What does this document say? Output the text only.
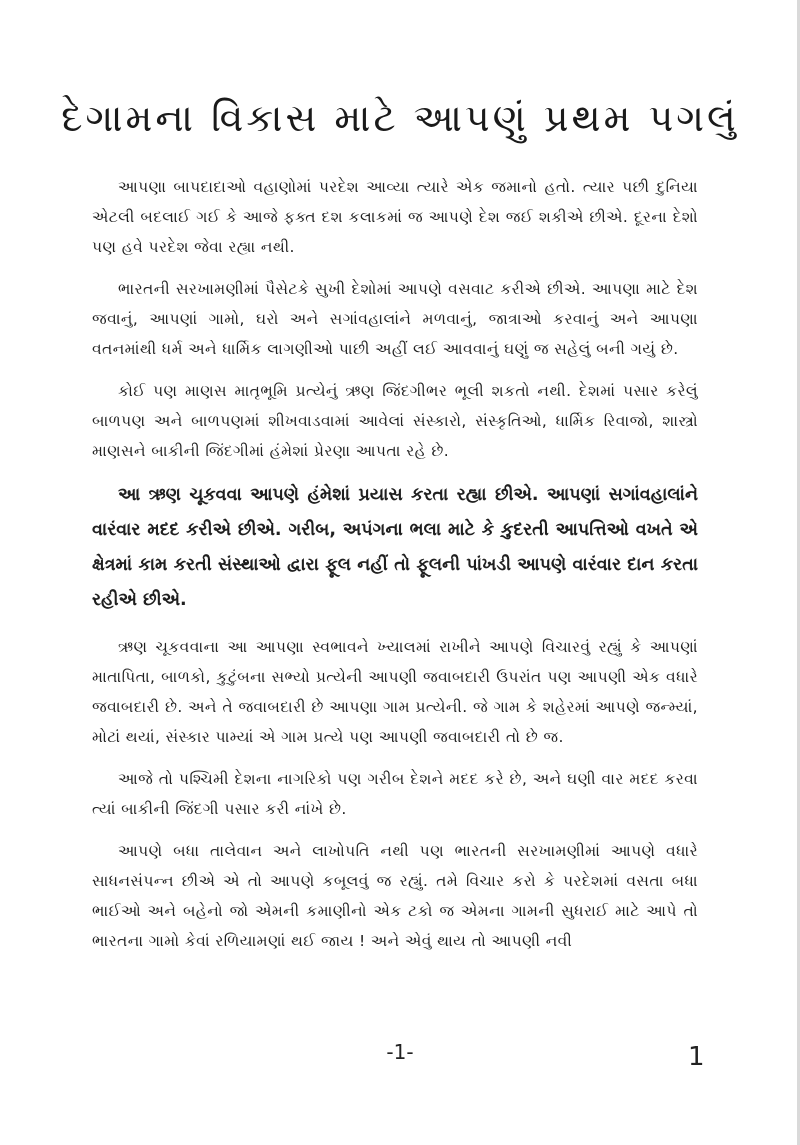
દેગામના વિકાસ માટે આપણું પ્રથમ પગલું

આપણા બાપદાદાઓ વહાણોમાં પરદેશ આવ્યા ત્યારે એક જમાનો હતો. ત્યાર પછી દુનિયા એટલી બદલાઈ ગઈ કે આજે ફક્ત દશ કલાકમાં જ આપણે દેશ જઈ શકીએ છીએ. દૂરના દેશો પણ હવે પરદેશ જેવા રહ્યા નથી.

ભારતની સરખામણીમાં પૈસેટકે સુખી દેશોમાં આપણે વસવાટ કરીએ છીએ. આપણા માટે દેશ જવાનું, આપણાં ગામો, ઘરો અને સગાંવહાલાંને મળવાનું, જાત્રાઓ કરવાનું અને આપણા વતનમાંથી ધર્મ અને ધાર્મિક લાગણીઓ પાછી અહીં લઈ આવવાનું ઘણું જ સહેલું બની ગયું છે.

કોઈ પણ માણસ માતૃભૂમિ પ્રત્યેનું ઋણ જિંદગીભર ભૂલી શકતો નથી. દેશમાં પસાર કરેલું બાળપણ અને બાળપણમાં શીખવાડવામાં આવેલાં સંસ્કારો, સંસ્કૃતિઓ, ધાર્મિક રિવાજો, શાસ્ત્રો માણસને બાકીની જિંદગીમાં હંમેશાં પ્રેરણા આપતા રહે છે.

આ ઋણ ચૂકવવા આપણે હંમેશાં પ્રયાસ કરતા રહ્યા છીએ. આપણાં સગાંવહાલાંને વારંવાર મદદ કરીએ છીએ. ગરીબ, અપંગના ભલા માટે કે કુદરતી આપત્તિઓ વખતે એ ક્ષેત્રમાં કામ કરતી સંસ્થાઓ દ્વારા ફૂલ નહીં તો ફૂલની પાંખડી આપણે વારંવાર દાન કરતા રહીએ છીએ.

ઋણ ચૂકવવાના આ આપણા સ્વભાવને ખ્યાલમાં રાખીને આપણે વિચારવું રહ્યું કે આપણાં માતાપિતા, બાળકો, કુટુંબના સભ્યો પ્રત્યેની આપણી જવાબદારી ઉપરાંત પણ આપણી એક વધારે જવાબદારી છે. અને તે જવાબદારી છે આપણા ગામ પ્રત્યેની. જે ગામ કે શહેરમાં આપણે જન્મ્યાં, મોટાં થયાં, સંસ્કાર પામ્યાં એ ગામ પ્રત્યે પણ આપણી જવાબદારી તો છે જ.

આજે તો પશ્ચિમી દેશના નાગરિકો પણ ગરીબ દેશને મદદ કરે છે, અને ઘણી વાર મદદ કરવા ત્યાં બાકીની જિંદગી પસાર કરી નાંખે છે.

આપણે બધા તાલેવાન અને લાખોપતિ નથી પણ ભારતની સરખામણીમાં આપણે વધારે સાધનસંપન્ન છીએ એ તો આપણે કબૂલવું જ રહ્યું. તમે વિચાર કરો કે પરદેશમાં વસતા બધા ભાઈઓ અને બહેનો જો એમની કમાણીનો એક ટકો જ એમના ગામની સુધરાઈ માટે આપે તો ભારતના ગામો કેવાં રળિયામણાં થઈ જાય ! અને એવું થાય તો આપણી નવી

-1-	1
